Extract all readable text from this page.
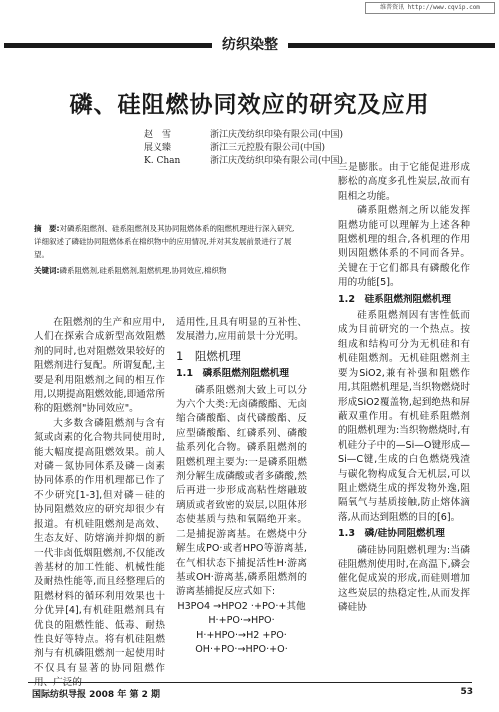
维普资讯 http://www.cqvip.com
纺织染整
磷、硅阻燃协同效应的研究及应用
赵　雪	浙江庆茂纺织印染有限公司(中国)
展义臻	浙江三元控股有限公司(中国)
K. Chan	浙江庆茂纺织印染有限公司(中国)
摘　要:对磷系阻燃剂、硅系阻燃剂及其协同阻燃体系的阻燃机理进行深入研究,详细叙述了磷硅协同阻燃体系在棉织物中的应用情况,并对其发展前景进行了展望。
关键词:磷系阻燃剂,硅系阻燃剂,阻燃机理,协同效应,棉织物

在阻燃剂的生产和应用中,人们在探索合成新型高效阻燃剂的同时,也对阻燃效果较好的阻燃剂进行复配。所谓复配,主要是利用阻燃剂之间的相互作用,以期提高阻燃效能,即通常所称的阻燃剂"协同效应"。

大多数含磷阻燃剂与含有氮或卤素的化合物共同使用时,能大幅度提高阻燃效果。前人对磷－氮协同体系及磷－卤素协同体系的作用机理都已作了不少研究[1-3],但对磷－硅的协同阻燃效应的研究却很少有报道。有机硅阻燃剂是高效、生态友好、防熔滴并抑烟的新一代非卤低烟阻燃剂,不仅能改善基材的加工性能、机械性能及耐热性能等,而且经整理后的阻燃材料的循环利用效果也十分优异[4],有机硅阻燃剂具有优良的阻燃性能、低毒、耐热性良好等特点。将有机硅阻燃剂与有机磷阻燃剂一起使用时不仅具有显著的协同阻燃作用、广泛的

适用性,且具有明显的互补性、发展潜力,应用前景十分光明。

1　阻燃机理
1.1　磷系阻燃剂阻燃机理

磷系阻燃剂大致上可以分为六个大类:无卤磷酸酯、无卤缩合磷酸酯、卤代磷酸酯、反应型磷酸酯、红磷系列、磷酸盐系列化合物。磷系阻燃剂的阻燃机理主要为:一是磷系阻燃剂分解生成磷酸或者多磷酸,然后再进一步形成高粘性熔融玻璃质或者致密的炭层,以阻体形态使基质与热和氧隔绝开来。二是捕捉游离基。在燃烧中分解生成PO·或者HPO等游离基,在气相状态下捕捉活性H·游离基或OH·游离基,磷系阻燃剂的游离基捕捉反应式如下:

H3PO4 →HPO2 ·+PO·+其他

H·+PO·→HPO·

H·+HPO·→H2 +PO·

OH·+PO·→HPO·+O·

三是膨胀。由于它能促进形成膨松的高度多孔性炭层,故而有阻相之功能。

磷系阻燃剂之所以能发挥阻燃功能可以理解为上述各种阻燃机理的组合,各机理的作用则因阻燃体系的不同而各异。关键在于它们都具有磷酸化作用的功能[5]。

1.2　硅系阻燃剂阻燃机理

硅系阻燃剂因有害性低而成为目前研究的一个热点。按组成和结构可分为无机硅和有机硅阻燃剂。无机硅阻燃剂主要为SiO2,兼有补强和阻燃作用,其阻燃机理是,当织物燃烧时形成SiO2覆盖物,起到绝热和屏蔽双重作用。有机硅系阻燃剂的阻燃机理为:当织物燃烧时,有机硅分子中的—Si—O键形成—Si—C键,生成的白色燃烧残渣与碳化物构成复合无机层,可以阻止燃烧生成的挥发物外逸,阻隔氧气与基质接触,防止熔体滴落,从而达到阻燃的目的[6]。

1.3　磷/硅协同阻燃机理

磷硅协同阻燃机理为:当磷硅阻燃剂使用时,在高温下,磷会催化促成炭的形成,而硅则增加这些炭层的热稳定性,从而发挥磷硅协

国际纺织导报 2008 年 第 2 期	53
